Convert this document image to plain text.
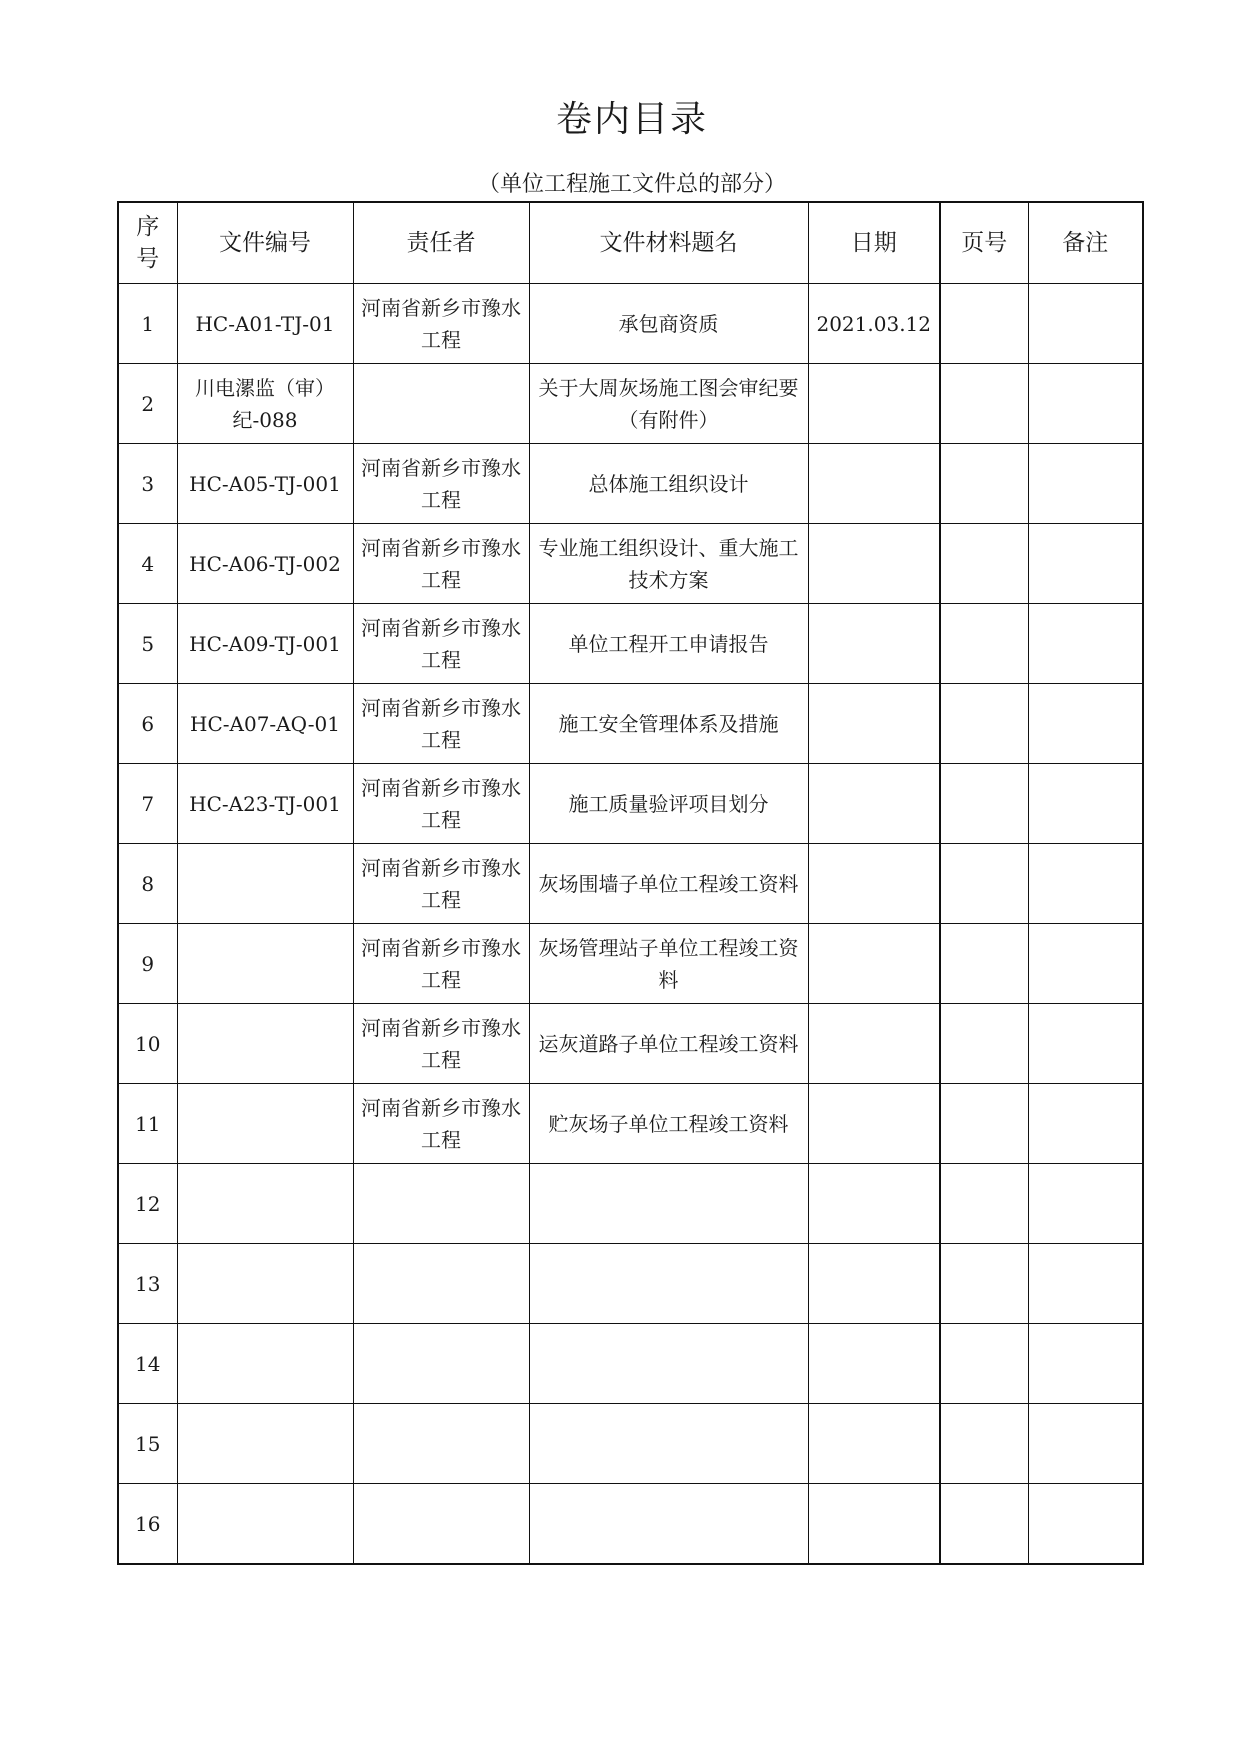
卷内目录
（单位工程施工文件总的部分）
序
号	文件编号	责任者	文件材料题名	日期	页号	备注
1	HC-A01-TJ-01	河南省新乡市豫水工程	承包商资质	2021.03.12		
2	川电漯监（审）纪-088		关于大周灰场施工图会审纪要（有附件）			
3	HC-A05-TJ-001	河南省新乡市豫水工程	总体施工组织设计			
4	HC-A06-TJ-002	河南省新乡市豫水工程	专业施工组织设计、重大施工技术方案			
5	HC-A09-TJ-001	河南省新乡市豫水工程	单位工程开工申请报告			
6	HC-A07-AQ-01	河南省新乡市豫水工程	施工安全管理体系及措施			
7	HC-A23-TJ-001	河南省新乡市豫水工程	施工质量验评项目划分			
8		河南省新乡市豫水工程	灰场围墙子单位工程竣工资料			
9		河南省新乡市豫水工程	灰场管理站子单位工程竣工资料			
10		河南省新乡市豫水工程	运灰道路子单位工程竣工资料			
11		河南省新乡市豫水工程	贮灰场子单位工程竣工资料			
12						
13						
14						
15						
16						
